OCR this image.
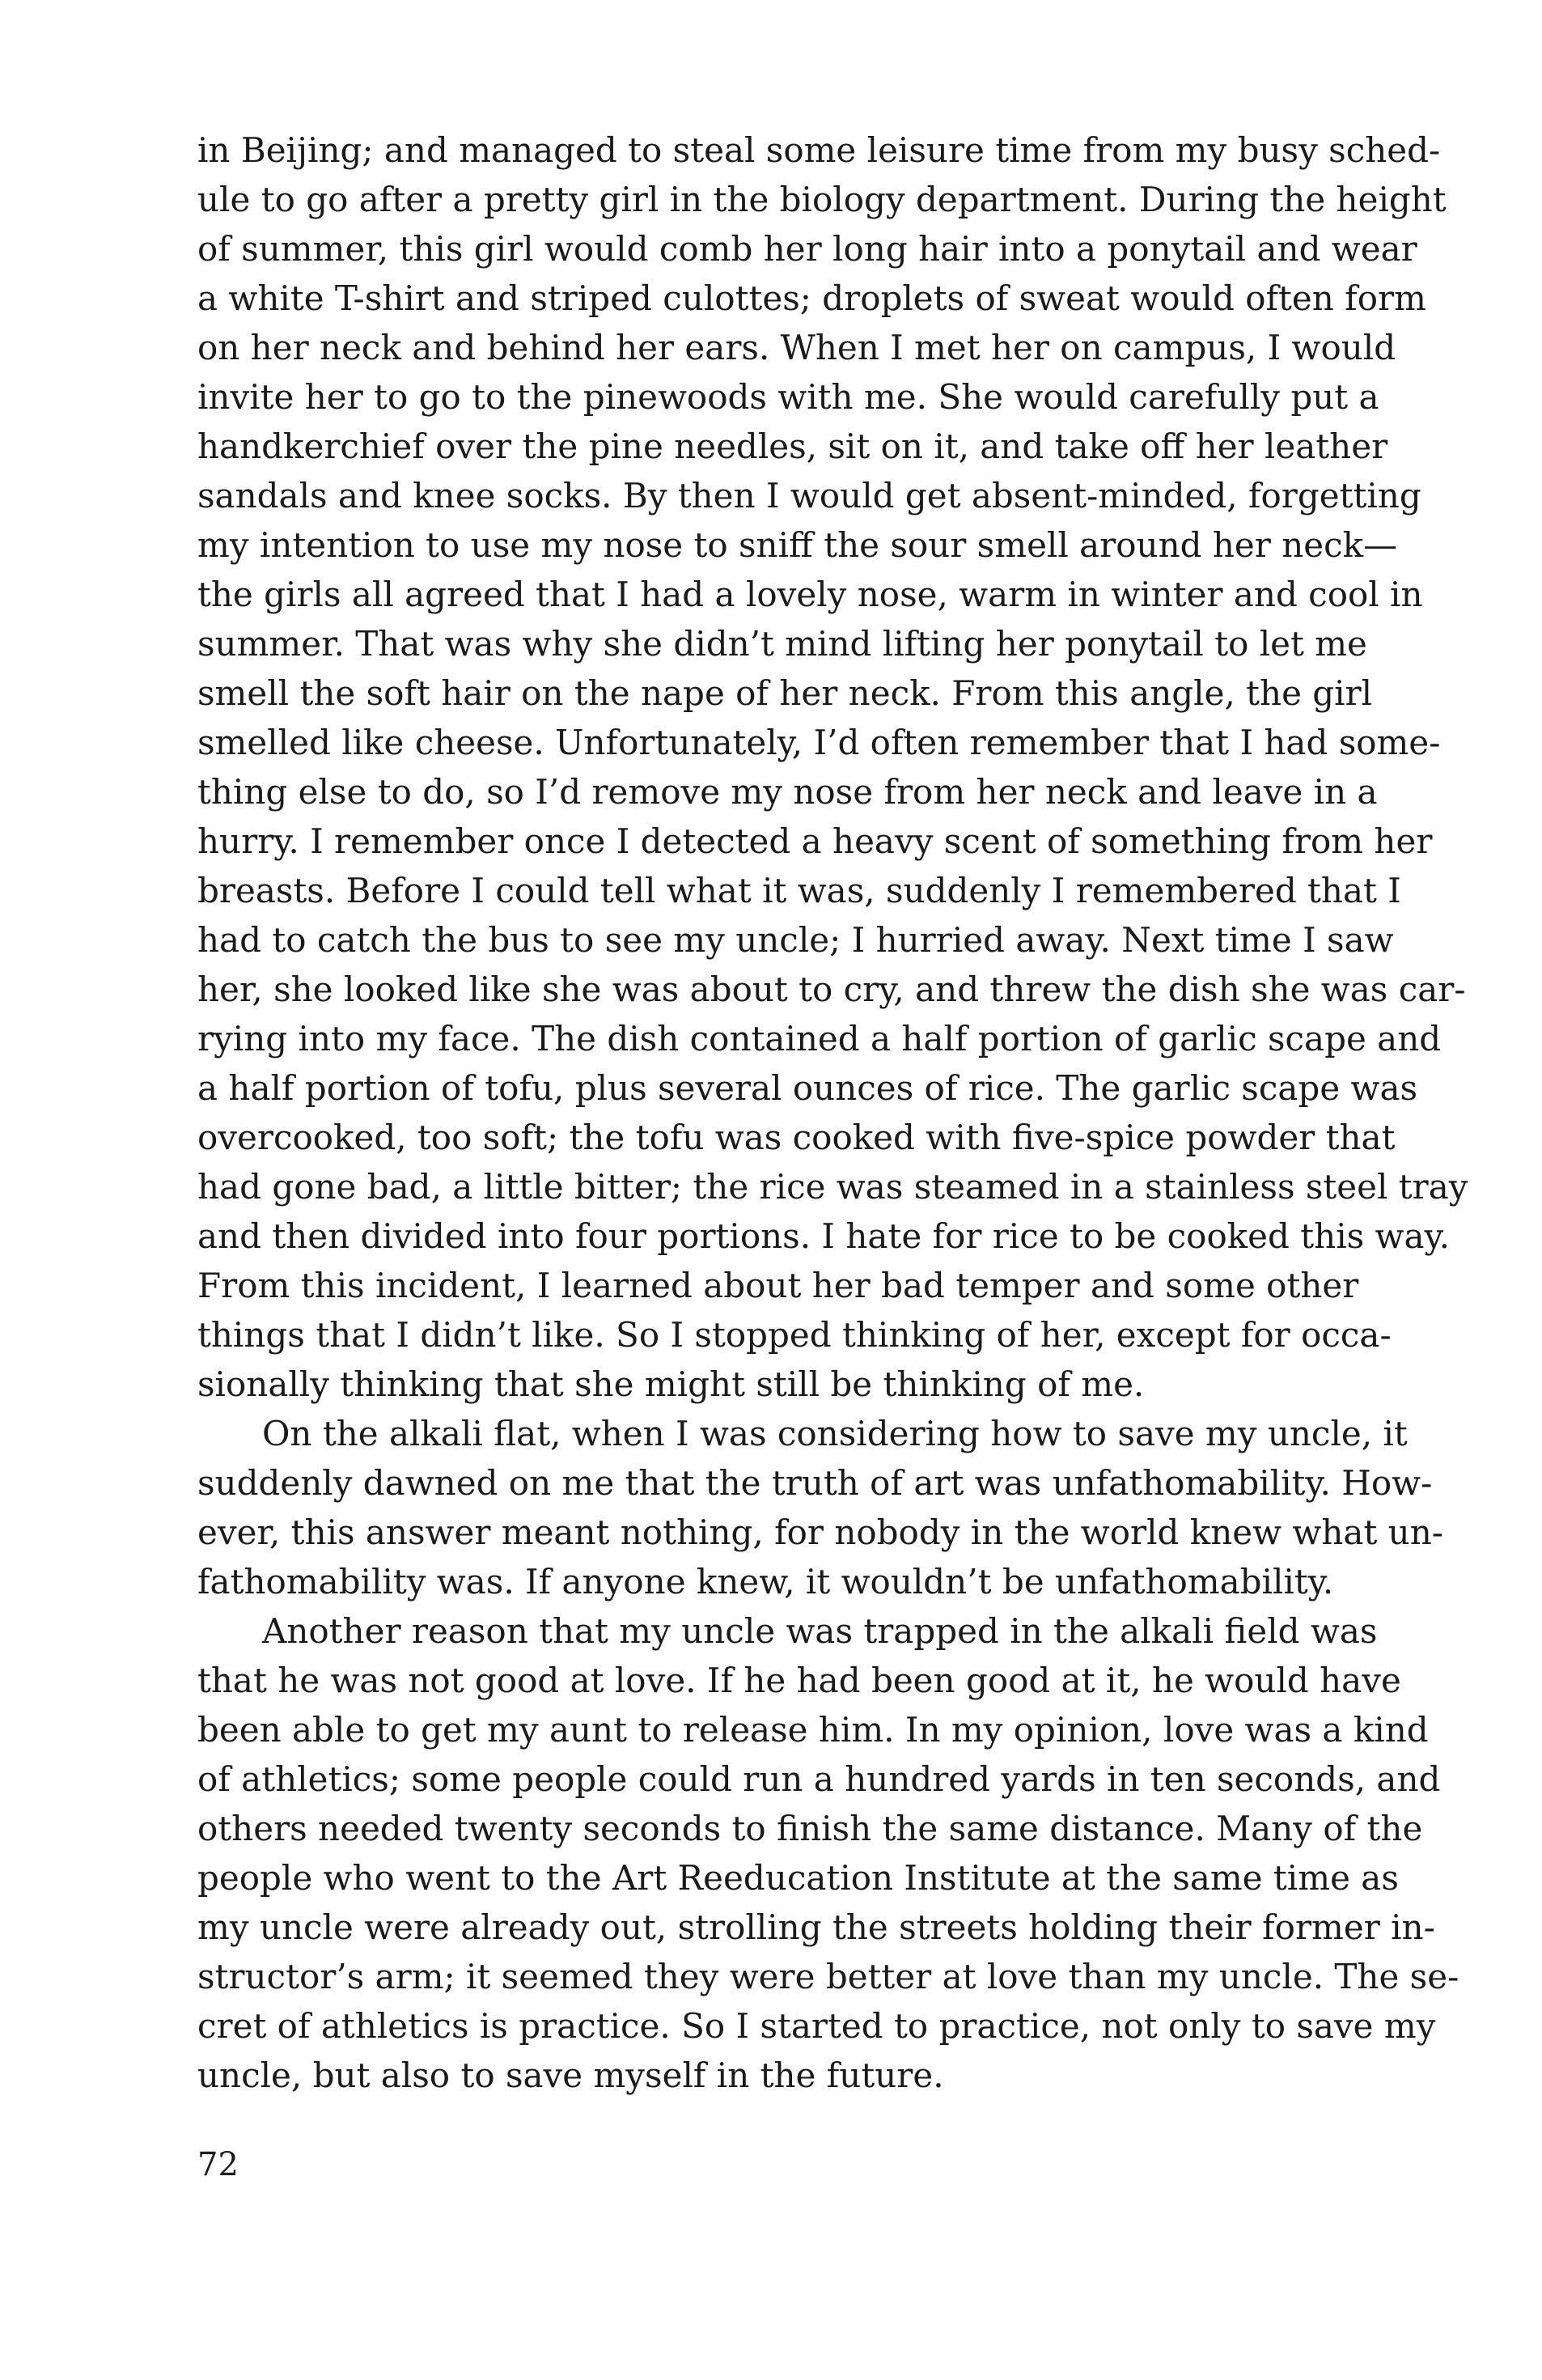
in Beijing; and managed to steal some leisure time from my busy sched-
ule to go after a pretty girl in the biology department. During the height
of summer, this girl would comb her long hair into a ponytail and wear
a white T-shirt and striped culottes; droplets of sweat would often form
on her neck and behind her ears. When I met her on campus, I would
invite her to go to the pinewoods with me. She would carefully put a
handkerchief over the pine needles, sit on it, and take off her leather
sandals and knee socks. By then I would get absent-minded, forgetting
my intention to use my nose to sniff the sour smell around her neck—
the girls all agreed that I had a lovely nose, warm in winter and cool in
summer. That was why she didn’t mind lifting her ponytail to let me
smell the soft hair on the nape of her neck. From this angle, the girl
smelled like cheese. Unfortunately, I’d often remember that I had some-
thing else to do, so I’d remove my nose from her neck and leave in a
hurry. I remember once I detected a heavy scent of something from her
breasts. Before I could tell what it was, suddenly I remembered that I
had to catch the bus to see my uncle; I hurried away. Next time I saw
her, she looked like she was about to cry, and threw the dish she was car-
rying into my face. The dish contained a half portion of garlic scape and
a half portion of tofu, plus several ounces of rice. The garlic scape was
overcooked, too soft; the tofu was cooked with five-spice powder that
had gone bad, a little bitter; the rice was steamed in a stainless steel tray
and then divided into four portions. I hate for rice to be cooked this way.
From this incident, I learned about her bad temper and some other
things that I didn’t like. So I stopped thinking of her, except for occa-
sionally thinking that she might still be thinking of me.
On the alkali flat, when I was considering how to save my uncle, it
suddenly dawned on me that the truth of art was unfathomability. How-
ever, this answer meant nothing, for nobody in the world knew what un-
fathomability was. If anyone knew, it wouldn’t be unfathomability.
Another reason that my uncle was trapped in the alkali field was
that he was not good at love. If he had been good at it, he would have
been able to get my aunt to release him. In my opinion, love was a kind
of athletics; some people could run a hundred yards in ten seconds, and
others needed twenty seconds to finish the same distance. Many of the
people who went to the Art Reeducation Institute at the same time as
my uncle were already out, strolling the streets holding their former in-
structor’s arm; it seemed they were better at love than my uncle. The se-
cret of athletics is practice. So I started to practice, not only to save my
uncle, but also to save myself in the future.
72
